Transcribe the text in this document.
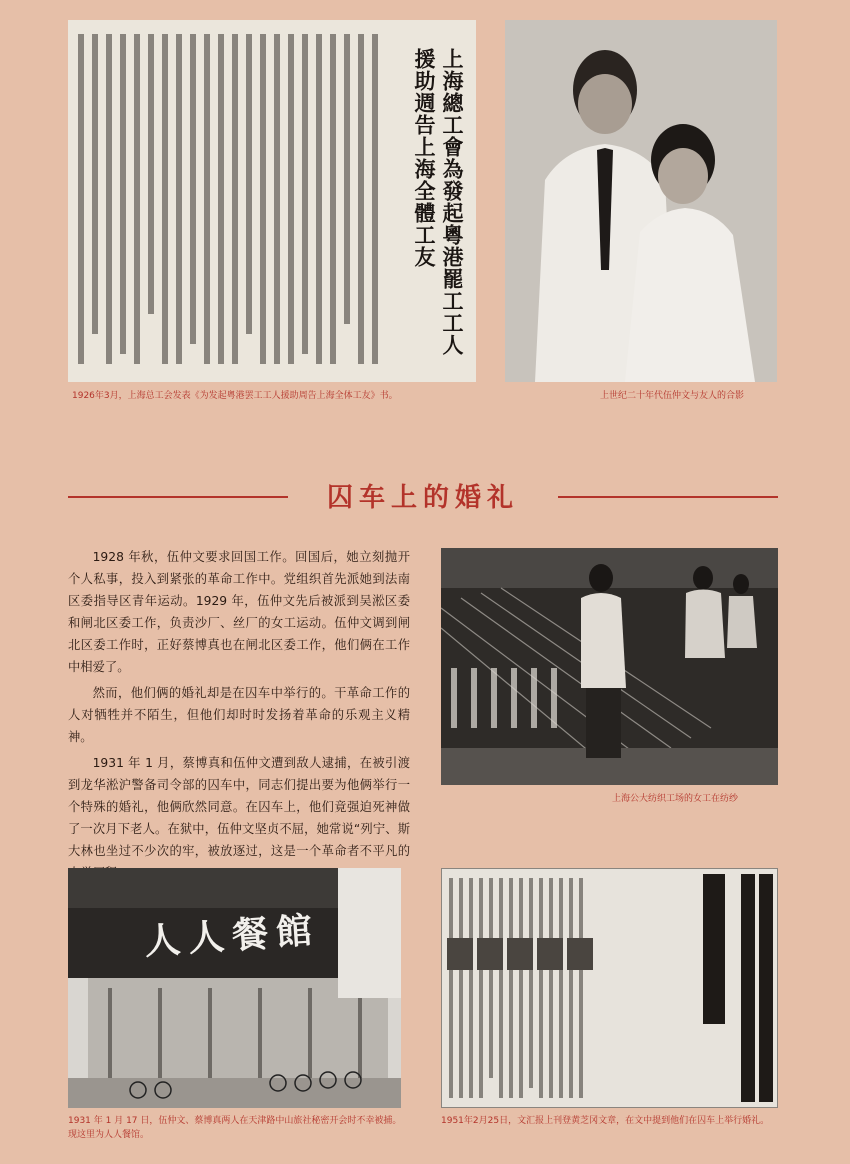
上海總工會為發起粵港罷工工人援助週告上海全體工友
1926年3月，上海总工会发表《为发起粤港罢工工人援助周告上海全体工友》书。	上世纪二十年代伍仲文与友人的合影
囚车上的婚礼

1928 年秋，伍仲文要求回国工作。回国后，她立刻抛开个人私事，投入到紧张的革命工作中。党组织首先派她到法南区委指导区青年运动。1929 年，伍仲文先后被派到吴淞区委和闸北区委工作，负责沙厂、丝厂的女工运动。伍仲文调到闸北区委工作时，正好蔡博真也在闸北区委工作，他们俩在工作中相爱了。

然而，他们俩的婚礼却是在囚车中举行的。干革命工作的人对牺牲并不陌生，但他们却时时发扬着革命的乐观主义精神。

1931 年 1 月，蔡博真和伍仲文遭到敌人逮捕，在被引渡到龙华淞沪警备司令部的囚车中，同志们提出要为他俩举行一个特殊的婚礼，他俩欣然同意。在囚车上，他们竟强迫死神做了一次月下老人。在狱中，伍仲文坚贞不屈，她常说“列宁、斯大林也坐过不少次的牢，被放逐过，这是一个革命者不平凡的

上海公大纺织工场的女工在纺纱
人人餐館
1931 年 1 月 17 日，伍仲文、蔡博真两人在天津路中山旅社秘密开会时不幸被捕。现这里为人人餐馆。
1951年2月25日，文汇报上刊登黄芝冈文章，在文中提到他们在囚车上举行婚礼。
